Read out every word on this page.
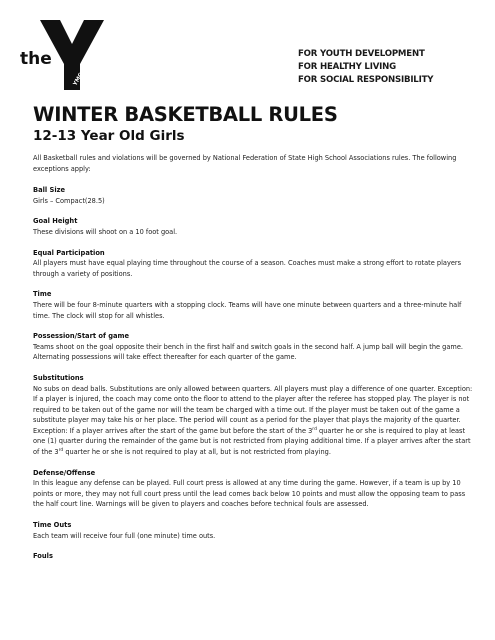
®
the
YMCA
FOR YOUTH DEVELOPMENT
FOR HEALTHY LIVING
FOR SOCIAL RESPONSIBILITY
WINTER BASKETBALL RULES
12-13 Year Old Girls

All Basketball rules and violations will be governed by National Federation of State High School Associations rules. The following exceptions apply:

Ball Size

Girls – Compact(28.5)

Goal Height

These divisions will shoot on a 10 foot goal.

Equal Participation

All players must have equal playing time throughout the course of a season. Coaches must make a strong effort to rotate players through a variety of positions.

Time

There will be four 8-minute quarters with a stopping clock. Teams will have one minute between quarters and a three-minute half time. The clock will stop for all whistles.

Possession/Start of game

Teams shoot on the goal opposite their bench in the first half and switch goals in the second half. A jump ball will begin the game. Alternating possessions will take effect thereafter for each quarter of the game.

Substitutions

No subs on dead balls. Substitutions are only allowed between quarters. All players must play a difference of one quarter. Exception: If a player is injured, the coach may come onto the floor to attend to the player after the referee has stopped play. The player is not required to be taken out of the game nor will the team be charged with a time out. If the player must be taken out of the game a substitute player may take his or her place. The period will count as a period for the player that plays the majority of the quarter. Exception: If a player arrives after the start of the game but before the start of the 3rd quarter he or she is required to play at least one (1) quarter during the remainder of the game but is not restricted from playing additional time. If a player arrives after the start of the 3rd quarter he or she is not required to play at all, but is not restricted from playing.

Defense/Offense

In this league any defense can be played. Full court press is allowed at any time during the game. However, if a team is up by 10 points or more, they may not full court press until the lead comes back below 10 points and must allow the opposing team to pass the half court line. Warnings will be given to players and coaches before technical fouls are assessed.

Time Outs

Each team will receive four full (one minute) time outs.

Fouls
